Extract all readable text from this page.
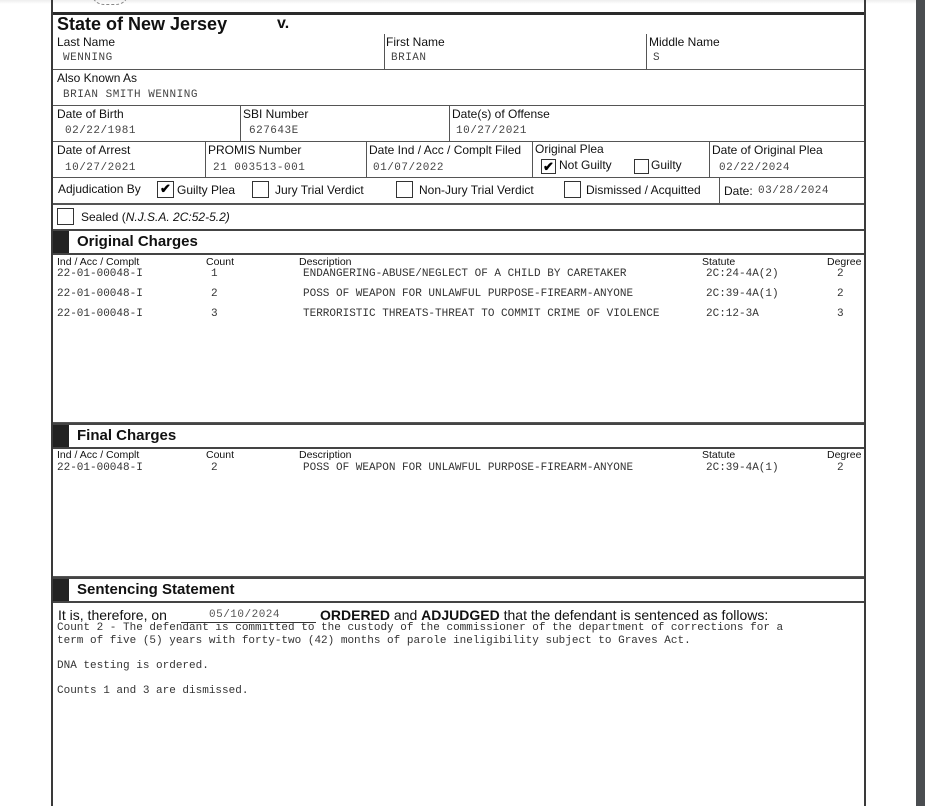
State of New Jersey	v.
Last Name
WENNING
First Name
BRIAN
Middle Name
S
Also Known As
BRIAN SMITH WENNING
Date of Birth
02/22/1981
SBI Number
627643E
Date(s) of Offense
10/27/2021
Date of Arrest
10/27/2021
PROMIS Number
21 003513-001
Date Ind / Acc / Complt Filed
01/07/2022
Original Plea
✔ Not Guilty	Guilty
Date of Original Plea
02/22/2024
Adjudication By ✔ Guilty Plea	Jury Trial Verdict	Non-Jury Trial Verdict	Dismissed / Acquitted Date: 03/28/2024
Sealed (N.J.S.A. 2C:52-5.2)
Original Charges
Ind / Acc / Complt	Count	Description	Statute	Degree
22-01-00048-I	1	ENDANGERING-ABUSE/NEGLECT OF A CHILD BY CARETAKER	2C:24-4A(2)	2
22-01-00048-I	2	POSS OF WEAPON FOR UNLAWFUL PURPOSE-FIREARM-ANYONE	2C:39-4A(1)	2
22-01-00048-I	3	TERRORISTIC THREATS-THREAT TO COMMIT CRIME OF VIOLENCE	2C:12-3A	3
Final Charges
Ind / Acc / Complt	Count	Description	Statute	Degree
22-01-00048-I	2	POSS OF WEAPON FOR UNLAWFUL PURPOSE-FIREARM-ANYONE	2C:39-4A(1)	2
Sentencing Statement
It is, therefore, on	05/10/2024	ORDERED and ADJUDGED that the defendant is sentenced as follows:
Count 2 - The defendant is committed to the custody of the commissioner of the department of corrections for a
term of five (5) years with forty-two (42) months of parole ineligibility subject to Graves Act.
DNA testing is ordered.
Counts 1 and 3 are dismissed.
